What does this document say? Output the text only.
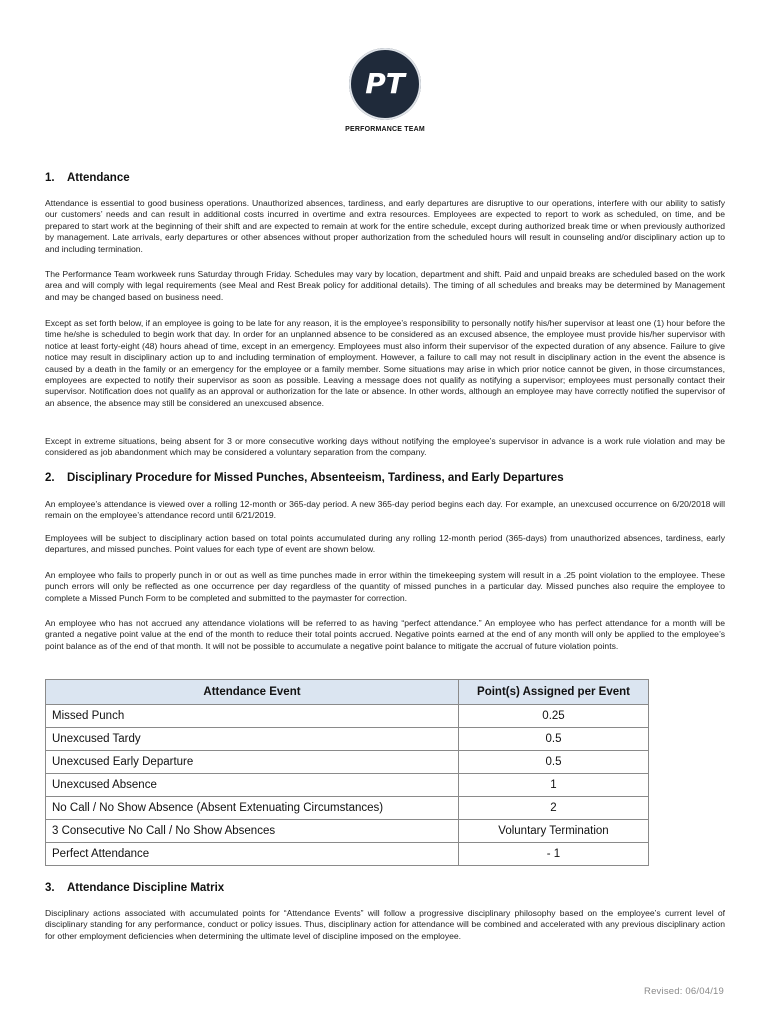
PT
PERFORMANCE TEAM
1. Attendance
Attendance is essential to good business operations. Unauthorized absences, tardiness, and early departures are disruptive to our operations, interfere with our ability to satisfy our customers’ needs and can result in additional costs incurred in overtime and extra resources. Employees are expected to report to work as scheduled, on time, and be prepared to start work at the beginning of their shift and are expected to remain at work for the entire schedule, except during authorized break time or when previously authorized by management. Late arrivals, early departures or other absences without proper authorization from the scheduled hours will result in counseling and/or disciplinary action up to and including termination.
The Performance Team workweek runs Saturday through Friday. Schedules may vary by location, department and shift. Paid and unpaid breaks are scheduled based on the work area and will comply with legal requirements (see Meal and Rest Break policy for additional details). The timing of all schedules and breaks may be determined by Management and may be changed based on business need.
Except as set forth below, if an employee is going to be late for any reason, it is the employee’s responsibility to personally notify his/her supervisor at least one (1) hour before the time he/she is scheduled to begin work that day. In order for an unplanned absence to be considered as an excused absence, the employee must provide his/her supervisor with notice at least forty-eight (48) hours ahead of time, except in an emergency. Employees must also inform their supervisor of the expected duration of any absence. Failure to give notice may result in disciplinary action up to and including termination of employment. However, a failure to call may not result in disciplinary action in the event the absence is caused by a death in the family or an emergency for the employee or a family member. Some situations may arise in which prior notice cannot be given, in those circumstances, employees are expected to notify their supervisor as soon as possible. Leaving a message does not qualify as notifying a supervisor; employees must personally contact their supervisor. Notification does not qualify as an approval or authorization for the late or absence. In other words, although an employee may have correctly notified the supervisor of an absence, the absence may still be considered an unexcused absence.
Except in extreme situations, being absent for 3 or more consecutive working days without notifying the employee’s supervisor in advance is a work rule violation and may be considered as job abandonment which may be considered a voluntary separation from the company.
2. Disciplinary Procedure for Missed Punches, Absenteeism, Tardiness, and Early Departures
An employee’s attendance is viewed over a rolling 12-month or 365-day period. A new 365-day period begins each day. For example, an unexcused occurrence on 6/20/2018 will remain on the employee’s attendance record until 6/21/2019.
Employees will be subject to disciplinary action based on total points accumulated during any rolling 12-month period (365-days) from unauthorized absences, tardiness, early departures, and missed punches. Point values for each type of event are shown below.
An employee who fails to properly punch in or out as well as time punches made in error within the timekeeping system will result in a .25 point violation to the employee. These punch errors will only be reflected as one occurrence per day regardless of the quantity of missed punches in a particular day. Missed punches also require the employee to complete a Missed Punch Form to be completed and submitted to the paymaster for correction.
An employee who has not accrued any attendance violations will be referred to as having “perfect attendance.” An employee who has perfect attendance for a month will be granted a negative point value at the end of the month to reduce their total points accrued. Negative points earned at the end of any month will only be applied to the employee’s point balance as of the end of that month. It will not be possible to accumulate a negative point balance to mitigate the accrual of future violation points.
Attendance Event	Point(s) Assigned per Event
Missed Punch	0.25
Unexcused Tardy	0.5
Unexcused Early Departure	0.5
Unexcused Absence	1
No Call / No Show Absence (Absent Extenuating Circumstances)	2
3 Consecutive No Call / No Show Absences	Voluntary Termination
Perfect Attendance	- 1
3. Attendance Discipline Matrix
Disciplinary actions associated with accumulated points for “Attendance Events” will follow a progressive disciplinary philosophy based on the employee’s current level of disciplinary standing for any performance, conduct or policy issues. Thus, disciplinary action for attendance will be combined and accelerated with any previous disciplinary action for other employment deficiencies when determining the ultimate level of discipline imposed on the employee.
Revised: 06/04/19
